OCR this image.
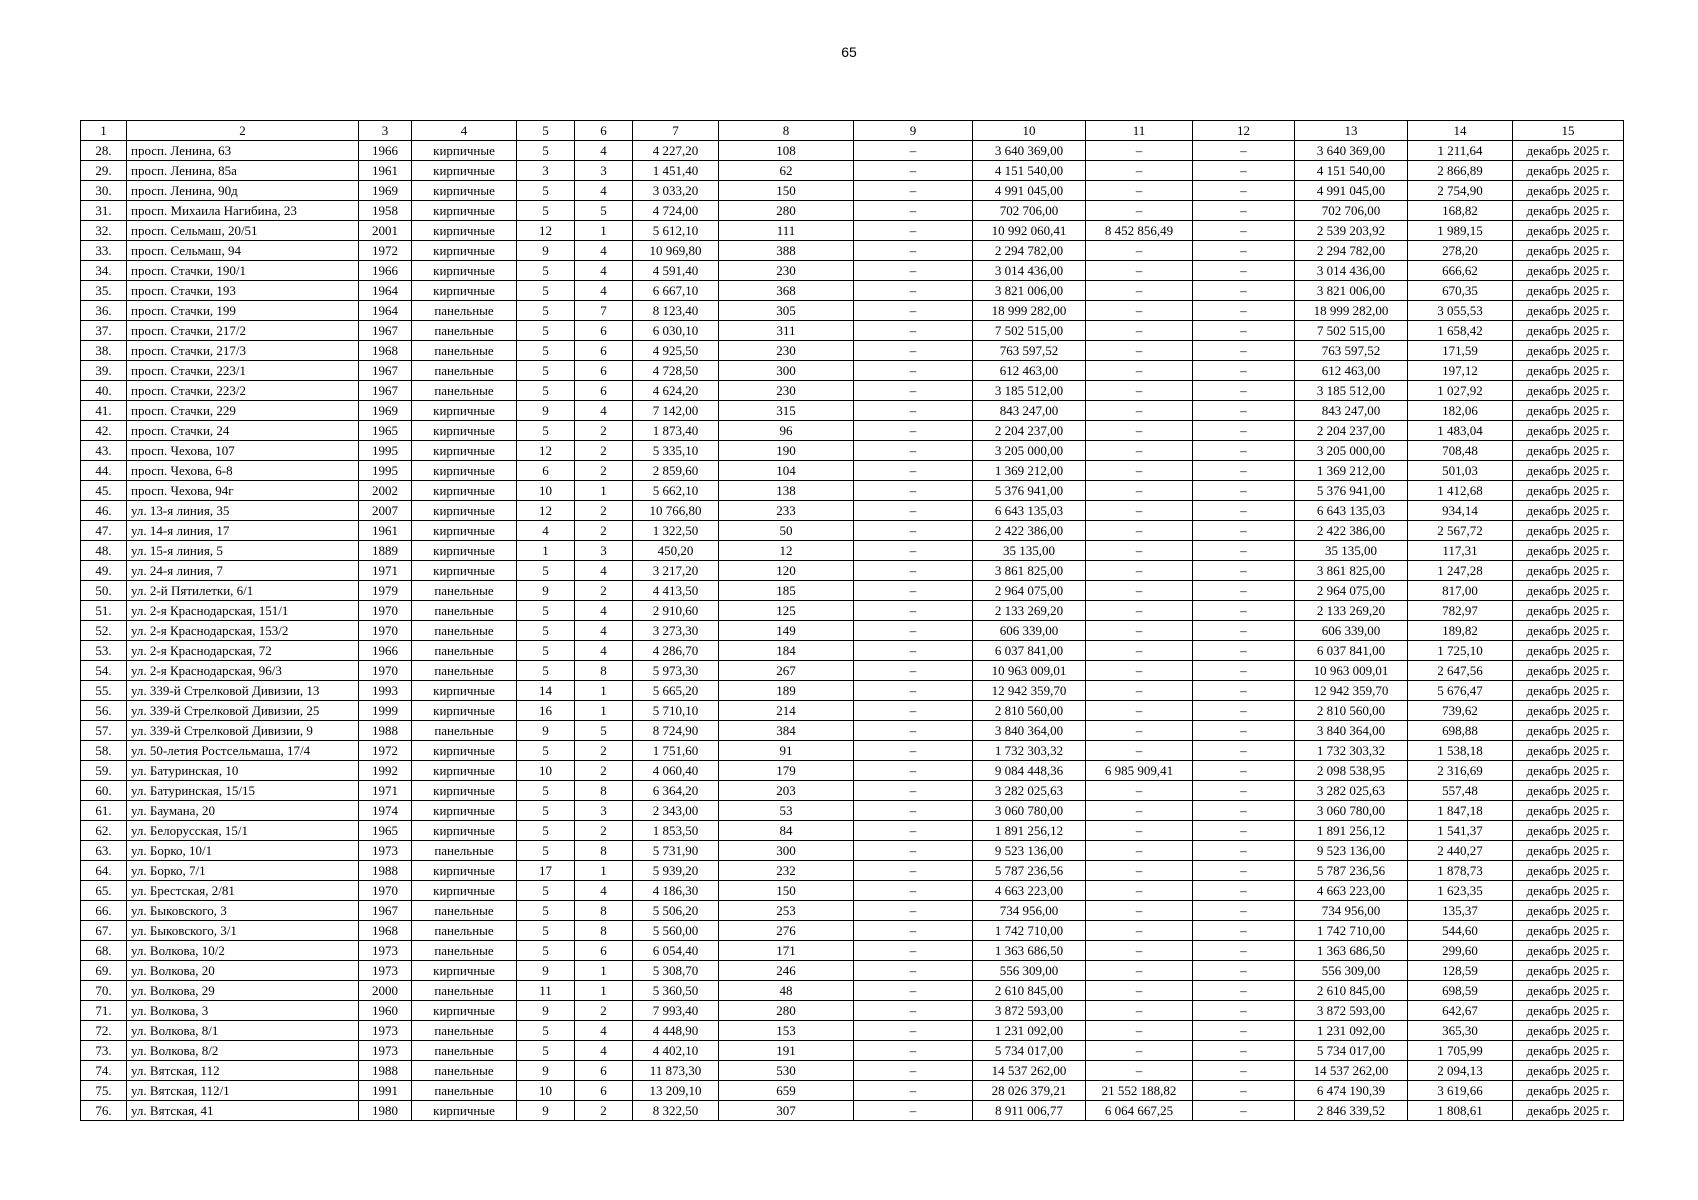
65
1	2	3	4	5	6	7	8	9	10	11	12	13	14	15
28.	просп. Ленина, 63	1966	кирпичные	5	4	4 227,20	108	–	3 640 369,00	–	–	3 640 369,00	1 211,64	декабрь 2025 г.
29.	просп. Ленина, 85а	1961	кирпичные	3	3	1 451,40	62	–	4 151 540,00	–	–	4 151 540,00	2 866,89	декабрь 2025 г.
30.	просп. Ленина, 90д	1969	кирпичные	5	4	3 033,20	150	–	4 991 045,00	–	–	4 991 045,00	2 754,90	декабрь 2025 г.
31.	просп. Михаила Нагибина, 23	1958	кирпичные	5	5	4 724,00	280	–	702 706,00	–	–	702 706,00	168,82	декабрь 2025 г.
32.	просп. Сельмаш, 20/51	2001	кирпичные	12	1	5 612,10	111	–	10 992 060,41	8 452 856,49	–	2 539 203,92	1 989,15	декабрь 2025 г.
33.	просп. Сельмаш, 94	1972	кирпичные	9	4	10 969,80	388	–	2 294 782,00	–	–	2 294 782,00	278,20	декабрь 2025 г.
34.	просп. Стачки, 190/1	1966	кирпичные	5	4	4 591,40	230	–	3 014 436,00	–	–	3 014 436,00	666,62	декабрь 2025 г.
35.	просп. Стачки, 193	1964	кирпичные	5	4	6 667,10	368	–	3 821 006,00	–	–	3 821 006,00	670,35	декабрь 2025 г.
36.	просп. Стачки, 199	1964	панельные	5	7	8 123,40	305	–	18 999 282,00	–	–	18 999 282,00	3 055,53	декабрь 2025 г.
37.	просп. Стачки, 217/2	1967	панельные	5	6	6 030,10	311	–	7 502 515,00	–	–	7 502 515,00	1 658,42	декабрь 2025 г.
38.	просп. Стачки, 217/3	1968	панельные	5	6	4 925,50	230	–	763 597,52	–	–	763 597,52	171,59	декабрь 2025 г.
39.	просп. Стачки, 223/1	1967	панельные	5	6	4 728,50	300	–	612 463,00	–	–	612 463,00	197,12	декабрь 2025 г.
40.	просп. Стачки, 223/2	1967	панельные	5	6	4 624,20	230	–	3 185 512,00	–	–	3 185 512,00	1 027,92	декабрь 2025 г.
41.	просп. Стачки, 229	1969	кирпичные	9	4	7 142,00	315	–	843 247,00	–	–	843 247,00	182,06	декабрь 2025 г.
42.	просп. Стачки, 24	1965	кирпичные	5	2	1 873,40	96	–	2 204 237,00	–	–	2 204 237,00	1 483,04	декабрь 2025 г.
43.	просп. Чехова, 107	1995	кирпичные	12	2	5 335,10	190	–	3 205 000,00	–	–	3 205 000,00	708,48	декабрь 2025 г.
44.	просп. Чехова, 6-8	1995	кирпичные	6	2	2 859,60	104	–	1 369 212,00	–	–	1 369 212,00	501,03	декабрь 2025 г.
45.	просп. Чехова, 94г	2002	кирпичные	10	1	5 662,10	138	–	5 376 941,00	–	–	5 376 941,00	1 412,68	декабрь 2025 г.
46.	ул. 13-я линия, 35	2007	кирпичные	12	2	10 766,80	233	–	6 643 135,03	–	–	6 643 135,03	934,14	декабрь 2025 г.
47.	ул. 14-я линия, 17	1961	кирпичные	4	2	1 322,50	50	–	2 422 386,00	–	–	2 422 386,00	2 567,72	декабрь 2025 г.
48.	ул. 15-я линия, 5	1889	кирпичные	1	3	450,20	12	–	35 135,00	–	–	35 135,00	117,31	декабрь 2025 г.
49.	ул. 24-я линия, 7	1971	кирпичные	5	4	3 217,20	120	–	3 861 825,00	–	–	3 861 825,00	1 247,28	декабрь 2025 г.
50.	ул. 2-й Пятилетки, 6/1	1979	панельные	9	2	4 413,50	185	–	2 964 075,00	–	–	2 964 075,00	817,00	декабрь 2025 г.
51.	ул. 2-я Краснодарская, 151/1	1970	панельные	5	4	2 910,60	125	–	2 133 269,20	–	–	2 133 269,20	782,97	декабрь 2025 г.
52.	ул. 2-я Краснодарская, 153/2	1970	панельные	5	4	3 273,30	149	–	606 339,00	–	–	606 339,00	189,82	декабрь 2025 г.
53.	ул. 2-я Краснодарская, 72	1966	панельные	5	4	4 286,70	184	–	6 037 841,00	–	–	6 037 841,00	1 725,10	декабрь 2025 г.
54.	ул. 2-я Краснодарская, 96/3	1970	панельные	5	8	5 973,30	267	–	10 963 009,01	–	–	10 963 009,01	2 647,56	декабрь 2025 г.
55.	ул. 339-й Стрелковой Дивизии, 13	1993	кирпичные	14	1	5 665,20	189	–	12 942 359,70	–	–	12 942 359,70	5 676,47	декабрь 2025 г.
56.	ул. 339-й Стрелковой Дивизии, 25	1999	кирпичные	16	1	5 710,10	214	–	2 810 560,00	–	–	2 810 560,00	739,62	декабрь 2025 г.
57.	ул. 339-й Стрелковой Дивизии, 9	1988	панельные	9	5	8 724,90	384	–	3 840 364,00	–	–	3 840 364,00	698,88	декабрь 2025 г.
58.	ул. 50-летия Ростсельмаша, 17/4	1972	кирпичные	5	2	1 751,60	91	–	1 732 303,32	–	–	1 732 303,32	1 538,18	декабрь 2025 г.
59.	ул. Батуринская, 10	1992	кирпичные	10	2	4 060,40	179	–	9 084 448,36	6 985 909,41	–	2 098 538,95	2 316,69	декабрь 2025 г.
60.	ул. Батуринская, 15/15	1971	кирпичные	5	8	6 364,20	203	–	3 282 025,63	–	–	3 282 025,63	557,48	декабрь 2025 г.
61.	ул. Баумана, 20	1974	кирпичные	5	3	2 343,00	53	–	3 060 780,00	–	–	3 060 780,00	1 847,18	декабрь 2025 г.
62.	ул. Белорусская, 15/1	1965	кирпичные	5	2	1 853,50	84	–	1 891 256,12	–	–	1 891 256,12	1 541,37	декабрь 2025 г.
63.	ул. Борко, 10/1	1973	панельные	5	8	5 731,90	300	–	9 523 136,00	–	–	9 523 136,00	2 440,27	декабрь 2025 г.
64.	ул. Борко, 7/1	1988	кирпичные	17	1	5 939,20	232	–	5 787 236,56	–	–	5 787 236,56	1 878,73	декабрь 2025 г.
65.	ул. Брестская, 2/81	1970	кирпичные	5	4	4 186,30	150	–	4 663 223,00	–	–	4 663 223,00	1 623,35	декабрь 2025 г.
66.	ул. Быковского, 3	1967	панельные	5	8	5 506,20	253	–	734 956,00	–	–	734 956,00	135,37	декабрь 2025 г.
67.	ул. Быковского, 3/1	1968	панельные	5	8	5 560,00	276	–	1 742 710,00	–	–	1 742 710,00	544,60	декабрь 2025 г.
68.	ул. Волкова, 10/2	1973	панельные	5	6	6 054,40	171	–	1 363 686,50	–	–	1 363 686,50	299,60	декабрь 2025 г.
69.	ул. Волкова, 20	1973	кирпичные	9	1	5 308,70	246	–	556 309,00	–	–	556 309,00	128,59	декабрь 2025 г.
70.	ул. Волкова, 29	2000	панельные	11	1	5 360,50	48	–	2 610 845,00	–	–	2 610 845,00	698,59	декабрь 2025 г.
71.	ул. Волкова, 3	1960	кирпичные	9	2	7 993,40	280	–	3 872 593,00	–	–	3 872 593,00	642,67	декабрь 2025 г.
72.	ул. Волкова, 8/1	1973	панельные	5	4	4 448,90	153	–	1 231 092,00	–	–	1 231 092,00	365,30	декабрь 2025 г.
73.	ул. Волкова, 8/2	1973	панельные	5	4	4 402,10	191	–	5 734 017,00	–	–	5 734 017,00	1 705,99	декабрь 2025 г.
74.	ул. Вятская, 112	1988	панельные	9	6	11 873,30	530	–	14 537 262,00	–	–	14 537 262,00	2 094,13	декабрь 2025 г.
75.	ул. Вятская, 112/1	1991	панельные	10	6	13 209,10	659	–	28 026 379,21	21 552 188,82	–	6 474 190,39	3 619,66	декабрь 2025 г.
76.	ул. Вятская, 41	1980	кирпичные	9	2	8 322,50	307	–	8 911 006,77	6 064 667,25	–	2 846 339,52	1 808,61	декабрь 2025 г.
